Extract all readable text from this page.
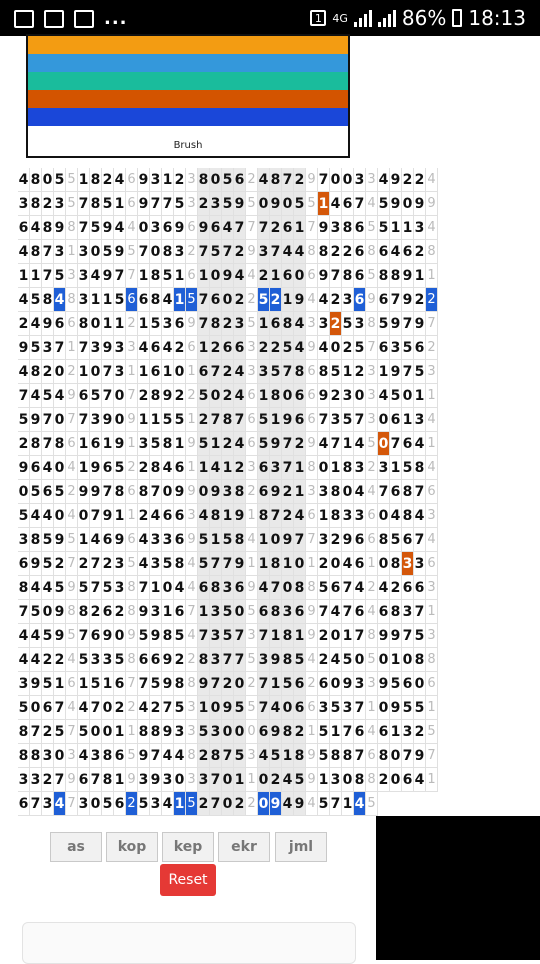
...	1 4G	86% 18:13
4 8 0 5 5 1 8 2 4 6 9 3 1 2 3 8 0 5 6 2 4 8 7 2 9 7 0 0 3 3 4 9 2 2 4
3 8 2 3 5 7 8 5 1 6 9 7 7 5 3 2 3 5 9 5 0 9 0 5 5 1 4 6 7 4 5 9 0 9 9
6 4 8 9 8 7 5 9 4 4 0 3 6 9 6 9 6 4 7 7 7 2 6 1 7 9 3 8 6 5 5 1 1 3 4
4 8 7 3 1 3 0 5 9 5 7 0 8 3 2 7 5 7 2 9 3 7 4 4 8 8 2 2 6 8 6 4 6 2 8
1 1 7 5 3 3 4 9 7 7 1 8 5 1 6 1 0 9 4 4 2 1 6 0 6 9 7 8 6 5 8 8 9 1 1
4 5 8 4 8 3 1 1 5 6 6 8 4 1 5 7 6 0 2 2 5 2 1 9 4 4 2 3 6 9 6 7 9 2 2
2 4 9 6 6 8 0 1 1 2 1 5 3 6 9 7 8 2 3 5 1 6 8 4 3 3 2 5 3 8 5 9 7 9 7
9 5 3 7 1 7 3 9 3 3 4 6 4 2 6 1 2 6 6 3 2 2 5 4 9 4 0 2 5 7 6 3 5 6 2
4 8 2 0 2 1 0 7 3 1 1 6 1 0 1 6 7 2 4 3 3 5 7 8 6 8 5 1 2 3 1 9 7 5 3
7 4 5 4 9 6 5 7 0 7 2 8 9 2 2 5 0 2 4 6 1 8 0 6 6 9 2 3 0 3 4 5 0 1 1
5 9 7 0 7 7 3 9 0 9 1 1 5 5 1 2 7 8 7 6 5 1 9 6 6 7 3 5 7 3 0 6 1 3 4
2 8 7 8 6 1 6 1 9 1 3 5 8 1 9 5 1 2 4 6 5 9 7 2 9 4 7 1 4 5 0 7 6 4 1
9 6 4 0 4 1 9 6 5 2 2 8 4 6 1 1 4 1 2 3 6 3 7 1 8 0 1 8 3 2 3 1 5 8 4
0 5 6 5 2 9 9 7 8 6 8 7 0 9 9 0 9 3 8 2 6 9 2 1 3 3 8 0 4 4 7 6 8 7 6
5 4 4 0 4 0 7 9 1 1 2 4 6 6 3 4 8 1 9 1 8 7 2 4 6 1 8 3 3 6 0 4 8 4 3
3 8 5 9 5 1 4 6 9 6 4 3 3 6 9 5 1 5 8 4 1 0 9 7 7 3 2 9 6 6 8 5 6 7 4
6 9 5 2 7 2 7 2 3 5 4 3 5 8 4 5 7 7 9 1 1 8 1 0 1 2 0 4 6 1 0 8 3 3 6
8 4 4 5 9 5 7 5 3 8 7 1 0 4 4 6 8 3 6 9 4 7 0 8 8 5 6 7 4 2 4 2 6 6 3
7 5 0 9 8 8 2 6 2 8 9 3 1 6 7 1 3 5 0 5 6 8 3 6 9 7 4 7 6 4 6 8 3 7 1
4 4 5 9 5 7 6 9 0 9 5 9 8 5 4 7 3 5 7 3 7 1 8 1 9 2 0 1 7 8 9 9 7 5 3
4 4 2 2 4 5 3 3 5 8 6 6 9 2 2 8 3 7 7 5 3 9 8 5 4 2 4 5 0 5 0 1 0 8 8
3 9 5 1 6 1 5 1 6 7 7 5 9 8 8 9 7 2 0 2 7 1 5 6 2 6 0 9 3 3 9 5 6 0 6
5 0 6 7 4 4 7 0 2 2 4 2 7 5 3 1 0 9 5 5 7 4 0 6 6 3 5 3 7 1 0 9 5 5 1
8 7 2 5 7 5 0 0 1 1 8 8 9 3 3 5 3 0 0 0 6 9 8 2 1 5 1 7 6 4 6 1 3 2 5
8 8 3 0 3 4 3 8 6 5 9 7 4 4 8 2 8 7 5 3 4 5 1 8 9 5 8 8 7 6 8 0 7 9 7
3 3 2 7 9 6 7 8 1 9 3 9 3 0 3 3 7 0 1 1 0 2 4 5 9 1 3 0 8 8 2 0 6 4 1
6 7 3 4 7 3 0 5 6 2 5 3 4 1 5 2 7 0 2 2 0 9 4 9 4 5 7 1 4 5
Brush
as	kop	kep	ekr	jml
Reset
